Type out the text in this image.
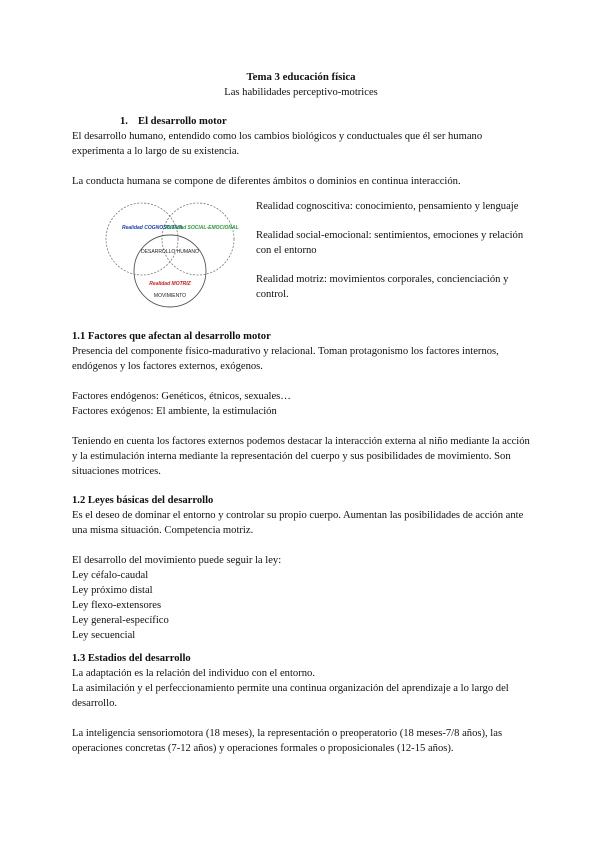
Tema 3 educación física

Las habilidades perceptivo-motrices

1. El desarrollo motor

El desarrollo humano, entendido como los cambios biológicos y conductuales que él ser humano experimenta a lo largo de su existencia.

La conducta humana se compone de diferentes ámbitos o dominios en continua interacción.

Realidad COGNOSCITIVA
Realidad SOCIAL-EMOCIONAL
DESARROLLO HUMANO
Realidad MOTRIZ
MOVIMIENTO

Realidad cognoscitiva: conocimiento, pensamiento y lenguaje

Realidad social-emocional: sentimientos, emociones y relación con el entorno

Realidad motriz: movimientos corporales, concienciación y control.

1.1 Factores que afectan al desarrollo motor

Presencia del componente físico-madurativo y relacional. Toman protagonismo los factores internos, endógenos y los factores externos, exógenos.

Factores endógenos: Genéticos, étnicos, sexuales…

Factores exógenos: El ambiente, la estimulación

Teniendo en cuenta los factores externos podemos destacar la interacción externa al niño mediante la acción y la estimulación interna mediante la representación del cuerpo y sus posibilidades de movimiento. Son situaciones motrices.

1.2 Leyes básicas del desarrollo

Es el deseo de dominar el entorno y controlar su propio cuerpo. Aumentan las posibilidades de acción ante una misma situación. Competencia motriz.

El desarrollo del movimiento puede seguir la ley:

Ley céfalo-caudal

Ley próximo distal

Ley flexo-extensores

Ley general-específico

Ley secuencial

1.3 Estadios del desarrollo

La adaptación es la relación del individuo con el entorno.

La asimilación y el perfeccionamiento permite una continua organización del aprendizaje a lo largo del desarrollo.

La inteligencia sensoriomotora (18 meses), la representación o preoperatorio (18 meses-7/8 años), las operaciones concretas (7-12 años) y operaciones formales o proposicionales (12-15 años).
